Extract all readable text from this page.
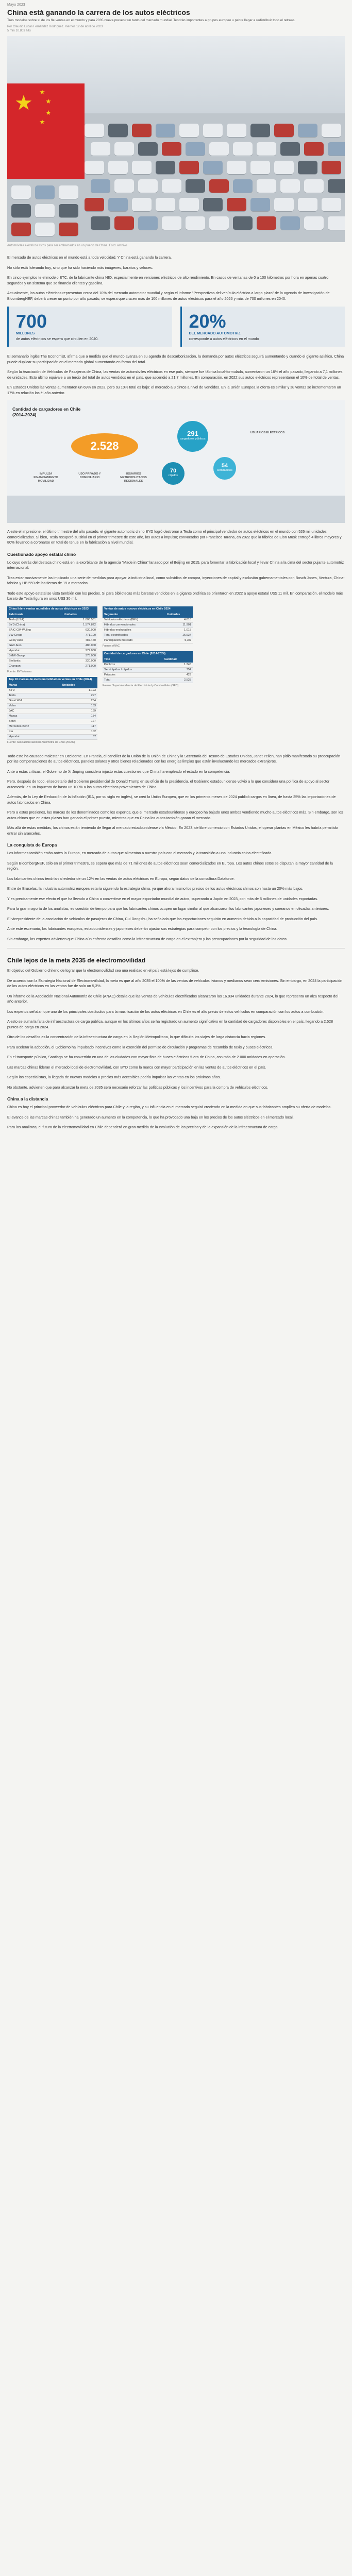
Mayo 2023
China está ganando la carrera de los autos eléctricos

Tres modelos sobre sí de los fle ventas en el mundo y para 2035 nueva prevenir un tanto del mercado mundial. Tendrán importantes a grupos europeo u pebre llegar a redistribuir todo el retraso.

Por Claudio Lucas Fernández Rodríguez. Viernes 12 de abril de 2023

5 min 10.803 hits

★ ★
★
★
★
Automóviles eléctricos listos para ser embarcados en un puerto de China. Foto: archivo

El mercado de autos eléctricos en el mundo está a toda velocidad. Y China está ganando la carrera.

No sólo está liderando hoy, sino que ha sido haciendo más imágenes, baratos y veloces.

En cinco ejemplos te el modelo ETC, de la fabricante china NIO, especialmente en versiones eléctricos de alto rendimiento. En casos de ventanas de 0 a 100 kilómetros por hora en apenas cuatro segundos y un sistema que se financia clientes y gasolina.

Actualmente, los autos eléctricos representan cerca del 10% del mercado automotor mundial y según el informe "Perspectivas del vehículo eléctrico a largo plazo" de la agencia de investigación de BloombergNEF, deberá crecer un punto por año pasado, se espera que crucen más de 100 millones de autos eléctricos para el año 2026 y más de 700 millones en 2040.

700
MILLONES
de autos eléctricos se espera que circulen en 2040.
20%
DEL MERCADO AUTOMOTRIZ
corresponde a autos eléctricos en el mundo

El semanario inglés The Economist, afirma que a medida que el mundo avanza en su agenda de descarbonización, la demanda por autos eléctricos seguirá aumentando y cuando el gigante asiático, China puede duplicar su participación en el mercado global aumentando en forma del total.

Según la Asociación de Vehículos de Pasajeros de China, las ventas de automóviles eléctricos en ese país, siempre fue fábrica local-formulada, aumentaron un 16% el año pasado, llegando a 7,1 millones de unidades. Esto último equivale a un tercio del total de autos vendidos en el país, que ascendió a 21,7 millones. En comparación, en 2022 sus autos eléctricos representaron el 10% del total de ventas.

En Estados Unidos las ventas aumentaron un 69% en 2023, pero su 10% total es bajo: el mercado a 3 cintos a nivel de vendidos. En la Unión Europea la oferta es similar y su ventas se incrementaron un 17% en relación los él año anterior.

Cantidad de cargadores en Chile (2014-2024)
2.528
291
cargadores públicos
54
semirápidos
70
rápidos
IMPULSA FINANCIAMIENTO MOVILIDAD
USO PRIVADO Y DOMICILIARIO
USUARIOS METROPOLITANOS REGIONALES
USUARIOS ELÉCTRICOS

A este el impresione, el último trimestre del año pasado, el gigante automotriz chino BYD logró destronar a Tesla como el principal vendedor de autos eléctricos en el mundo con 526 mil unidades comercializadas. Si bien, Tesla recuperó su sitial en el primer trimestre de este año, los autos a impulso; convocados por Francisco Tarana, en 2022 que la fábrica de Elon Musk entregó 4 libros mayores y 80% llevando a coronarse en total de tenue en la fabricación a nivel mundial.

Cuestionado apoyo estatal chino

Lo cuyo detrás del destaca chino está en la exorbitante de la agencia "Made in China" lanzado por el Beijing en 2015, para fomentar la fabricación local y llevar China a la cima del sector pujante automotriz internacional.

Tras estar masivamente las implicado una serie de medidas para apoyar la industria local, como subsidios de compra, inyecciones de capital y exclusión gubernamentales con Bosch Jones, Ventura, China-fabrica y HB 559 de las tierras de 19 a mercados.

Todo este apoyo estatal se vista también con los precios. Si para bibliotecas más baratas vendidos en la gigante ondirica se orientaron en 2022 a apoyo estatal US$ 11 mil. En comparación, el modelo más barato de Tesla figura en unos US$ 30 mil.

China lidera ventas mundiales de autos eléctricos en 2023
Fabricante	Unidades
Tesla (USA)	1.808.581
BYD (China)	1.574.822
SAIC-GM-Wuling	630.000
VW Group	771.100
Geely Auto	487.460
GAC Aion	480.000
Hyundai	277.000
BMW Group	375.000
Stellantis	320.000
Changan	271.000
Fuente: EV Volumes
Top 10 marcas de electromovilidad en ventas en Chile (2024)
Marca	Unidades
BYD	1.193
Tesla	297
Great Wall	254
Volvo	183
JAC	169
Maxus	154
BMW	127
Mercedes-Benz	117
Kia	102
Hyundai	87
Fuente: Asociación Nacional Automotriz de Chile (ANAC)
Ventas de autos nuevos eléctricos en Chile 2024
Segmento	Unidades
Vehículos eléctricos (BEV)	4.018
Híbridos convencionales	11.901
Híbridos enchufables	1.015
Total electrificados	16.934
Participación mercado	5,3%
Fuente: ANAC
Cantidad de cargadores en Chile (2014-2024)
Tipo	Cantidad
Públicos	1.345
Semirápidos / rápidos	754
Privados	429
Total	2.528
Fuente: Superintendencia de Electricidad y Combustibles (SEC)

Todo esto ha causado malestar en Occidente. En Francia, el canciller de la Unión de la Unión de China y la Secretaría del Tesoro de Estados Unidos, Janet Yellen, han pidió manifestado su preocupación por las compensaciones de autos eléctricos, paneles solares y otros bienes relacionados con las energías limpias que están involucrando los mercados extranjeros.

Ante a estas críticas, el Gobierno de Xi Jinping considera injusto estas cuestiones que China ha empleado el estado en la competencia.

Pero, después de todo, el secretario del Gobierno presidencial de Donald Trump en su oficio de la presidencia, el Gobierno estadounidense volvió a lo que considera una política de apoyo al sector automotriz: en un impuesto de hasta un 100% a los autos eléctricos provenientes de China.

Además, de la Ley de Reducción de la Inflación (IRA, por su sigla en inglés), se creó la Unión Europea, que en los primeros meses de 2024 publicó cargos en línea, de hasta 25% las importaciones de autos fabricados en China.

Pero a estas presiones, las marcas de los denominados como los expertos, que el mercado estadounidense y europeo ha bajado unos ambos vendiendo mucho autos eléctricos más. Sin embargo, son los autos chinos que en estas plazas han ganado el primer puesto, mientras que en China los autos también ganan el mercado.

Más allá de estas medidas, los chinos están temiendo de llegar al mercado estadounidense vía México. En 2023, de libre comercio con Estados Unidos, el operar plantas en México les habría permitido entrar sin aranceles.

La conquista de Europa

Los informes también están antes la Europa, en mercado de autos que alimentan a nuestro país con el mercado y la transición a una industria china electrificada.

Según BloombergNEF, sólo en el primer trimestre, se espera que más de 71 millones de autos eléctricos sean comercializados en Europa. Los autos chinos estos se disputan la mayor cantidad de la región.

Los fabricantes chinos tendrían alrededor de un 12% en las ventas de autos eléctricos en Europa, según datos de la consultora Dataforce.

Entre de Bruselas, la industria automotriz europea estaría siguiendo la estrategia china, ya que ahora mismo los precios de los autos eléctricos chinos son hasta un 20% más bajos.

Y es precisamente ese efecto el que ha llevado a China a convertirse en el mayor exportador mundial de autos, superando a Japón en 2023, con más de 5 millones de unidades exportadas.

Para la gran mayoría de los analistas, es cuestión de tiempo para que los fabricantes chinos ocupen un lugar similar al que alcanzaron los fabricantes japoneses y coreanos en décadas anteriores.

El vicepresidente de la asociación de vehículos de pasajeros de China, Cui Dongshu, ha señalado que las exportaciones seguirán en aumento debido a la capacidad de producción del país.

Ante este escenario, los fabricantes europeos, estadounidenses y japoneses deberán ajustar sus estrategias para competir con los precios y la tecnología de China.

Sin embargo, los expertos advierten que China aún enfrenta desafíos como la infraestructura de carga en el extranjero y las preocupaciones por la seguridad de los datos.

Chile lejos de la meta 2035 de electromovilidad

El objetivo del Gobierno chileno de lograr que la electromovilidad sea una realidad en el país está lejos de cumplirse.

De acuerdo con la Estrategia Nacional de Electromovilidad, la meta es que al año 2035 el 100% de las ventas de vehículos livianos y medianos sean cero emisiones. Sin embargo, en 2024 la participación de los autos eléctricos en las ventas fue de solo un 5,3%.

Un informe de la Asociación Nacional Automotriz de Chile (ANAC) detalla que las ventas de vehículos electrificados alcanzaron las 16.934 unidades durante 2024, lo que representa un alza respecto del año anterior.

Los expertos señalan que uno de los principales obstáculos para la masificación de los autos eléctricos en Chile es el alto precio de estos vehículos en comparación con los autos a combustión.

A esto se suma la falta de infraestructura de carga pública, aunque en los últimos años se ha registrado un aumento significativo en la cantidad de cargadores disponibles en el país, llegando a 2.528 puntos de carga en 2024.

Otro de los desafíos es la concentración de la infraestructura de carga en la Región Metropolitana, lo que dificulta los viajes de larga distancia hacia regiones.

Para acelerar la adopción, el Gobierno ha impulsado incentivos como la exención del permiso de circulación y programas de recambio de taxis y buses eléctricos.

En el transporte público, Santiago se ha convertido en una de las ciudades con mayor flota de buses eléctricos fuera de China, con más de 2.000 unidades en operación.

Las marcas chinas lideran el mercado local de electromovilidad, con BYD como la marca con mayor participación en las ventas de autos eléctricos en el país.

Según los especialistas, la llegada de nuevos modelos a precios más accesibles podría impulsar las ventas en los próximos años.

No obstante, advierten que para alcanzar la meta de 2035 será necesario reforzar las políticas públicas y los incentivos para la compra de vehículos eléctricos.

China a la distancia

China es hoy el principal proveedor de vehículos eléctricos para Chile y la región, y su influencia en el mercado seguirá creciendo en la medida en que sus fabricantes amplíen su oferta de modelos.

El avance de las marcas chinas también ha generado un aumento en la competencia, lo que ha provocado una baja en los precios de los autos eléctricos en el mercado local.

Para los analistas, el futuro de la electromovilidad en Chile dependerá en gran medida de la evolución de los precios y de la expansión de la infraestructura de carga.
